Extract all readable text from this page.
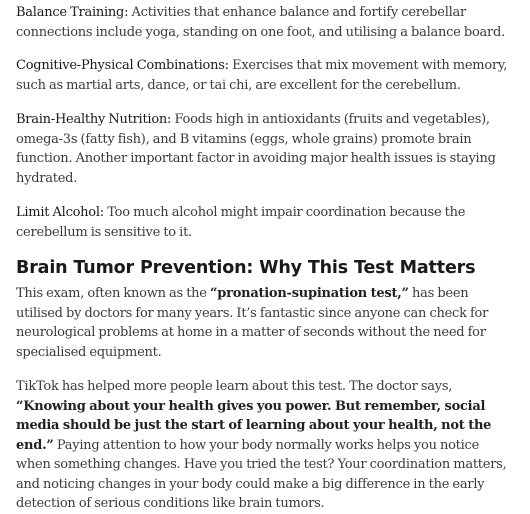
Balance Training: Activities that enhance balance and fortify cerebellar connections include yoga, standing on one foot, and utilising a balance board.

Cognitive-Physical Combinations: Exercises that mix movement with memory, such as martial arts, dance, or tai chi, are excellent for the cerebellum.

Brain-Healthy Nutrition: Foods high in antioxidants (fruits and vegetables), omega-3s (fatty fish), and B vitamins (eggs, whole grains) promote brain function. Another important factor in avoiding major health issues is staying hydrated.

Limit Alcohol: Too much alcohol might impair coordination because the cerebellum is sensitive to it.

Brain Tumor Prevention: Why This Test Matters

This exam, often known as the “pronation-supination test,” has been utilised by doctors for many years. It’s fantastic since anyone can check for neurological problems at home in a matter of seconds without the need for specialised equipment.

TikTok has helped more people learn about this test. The doctor says, “Knowing about your health gives you power. But remember, social media should be just the start of learning about your health, not the end.” Paying attention to how your body normally works helps you notice when something changes. Have you tried the test? Your coordination matters, and noticing changes in your body could make a big difference in the early detection of serious conditions like brain tumors.
